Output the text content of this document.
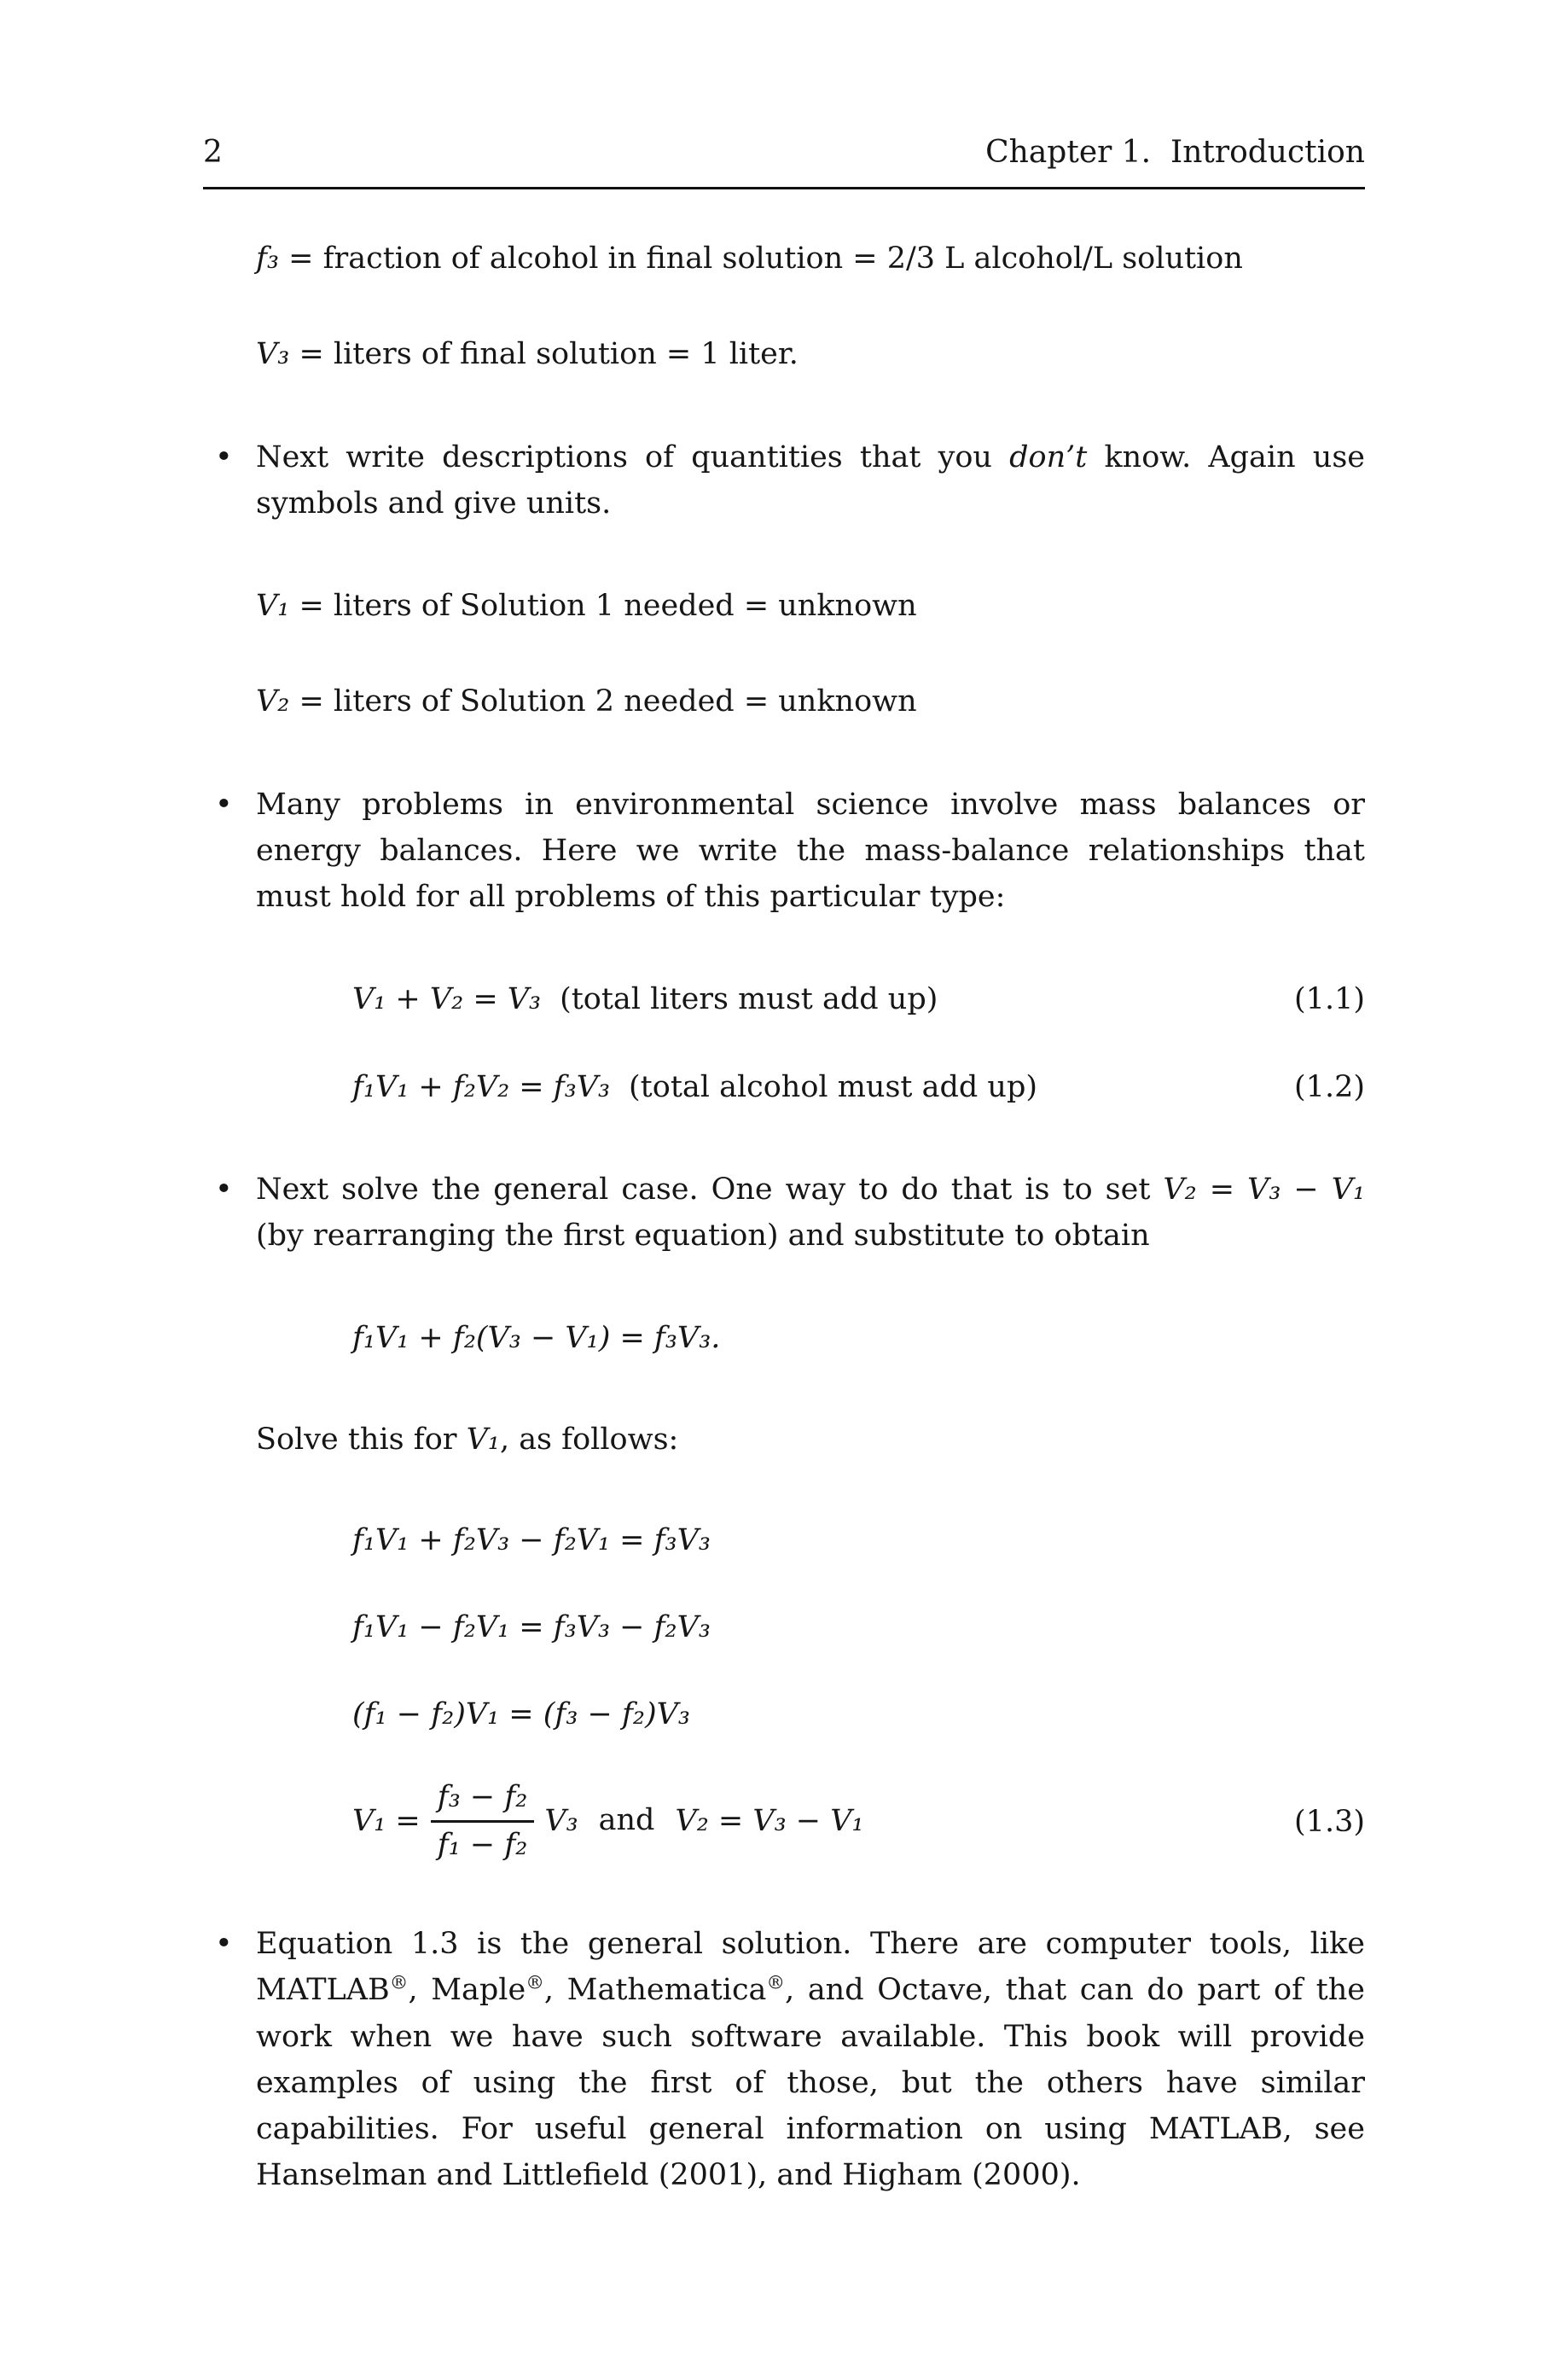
2	Chapter 1.  Introduction

f₃ = fraction of alcohol in final solution = 2/3 L alcohol/L solution

V₃ = liters of final solution = 1 liter.

• Next write descriptions of quantities that you don’t know. Again use symbols and give units.

V₁ = liters of Solution 1 needed = unknown

V₂ = liters of Solution 2 needed = unknown

• Many problems in environmental science involve mass balances or energy balances. Here we write the mass-balance relationships that must hold for all problems of this particular type:
V₁ + V₂ = V₃ (total liters must add up)	(1.1)
f₁V₁ + f₂V₂ = f₃V₃ (total alcohol must add up)	(1.2)
• Next solve the general case. One way to do that is to set V₂ = V₃ − V₁ (by rearranging the first equation) and substitute to obtain
f₁V₁ + f₂(V₃ − V₁) = f₃V₃.

Solve this for V₁, as follows:

f₁V₁ + f₂V₃ − f₂V₁ = f₃V₃
f₁V₁ − f₂V₁ = f₃V₃ − f₂V₃
(f₁ − f₂)V₁ = (f₃ − f₂)V₃
$V_1 = \frac{\text{f₃ − f₂}}{\text{f₁ − f₂}} V_3$ and V₂ = V₃ − V₁	(1.3)
• Equation 1.3 is the general solution. There are computer tools, like MATLAB®, Maple®, Mathematica®, and Octave, that can do part of the work when we have such software available. This book will provide examples of using the first of those, but the others have similar capabilities. For useful general information on using MATLAB, see Hanselman and Littlefield (2001), and Higham (2000).
